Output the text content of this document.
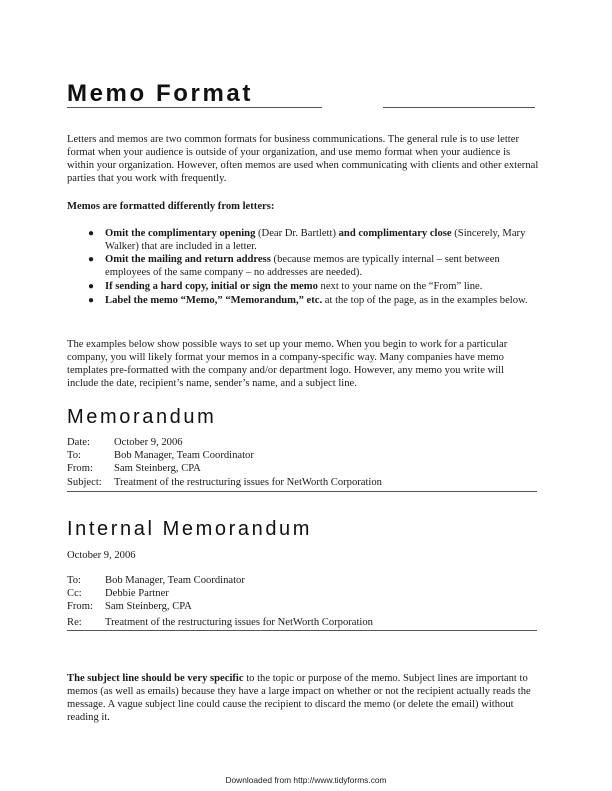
Memo Format

Letters and memos are two common formats for business communications. The general rule is to use letter format when your audience is outside of your organization, and use memo format when your audience is within your organization. However, often memos are used when communicating with clients and other external parties that you work with frequently.

Memos are formatted differently from letters:

● Omit the complimentary opening (Dear Dr. Bartlett) and complimentary close (Sincerely, Mary Walker) that are included in a letter.
● Omit the mailing and return address (because memos are typically internal – sent between employees of the same company – no addresses are needed).
● If sending a hard copy, initial or sign the memo next to your name on the “From” line.
● Label the memo “Memo,” “Memorandum,” etc. at the top of the page, as in the examples below.

The examples below show possible ways to set up your memo. When you begin to work for a particular company, you will likely format your memos in a company-specific way. Many companies have memo templates pre-formatted with the company and/or department logo. However, any memo you write will include the date, recipient’s name, sender’s name, and a subject line.

Memorandum
Date: October 9, 2006
To:	Bob Manager, Team Coordinator
From: Sam Steinberg, CPA
Subject: Treatment of the restructuring issues for NetWorth Corporation
Internal Memorandum
October 9, 2006
To: Bob Manager, Team Coordinator
Cc: Debbie Partner
From: Sam Steinberg, CPA
Re: Treatment of the restructuring issues for NetWorth Corporation

The subject line should be very specific to the topic or purpose of the memo. Subject lines are important to memos (as well as emails) because they have a large impact on whether or not the recipient actually reads the message. A vague subject line could cause the recipient to discard the memo (or delete the email) without reading it.

Downloaded from http://www.tidyforms.com
